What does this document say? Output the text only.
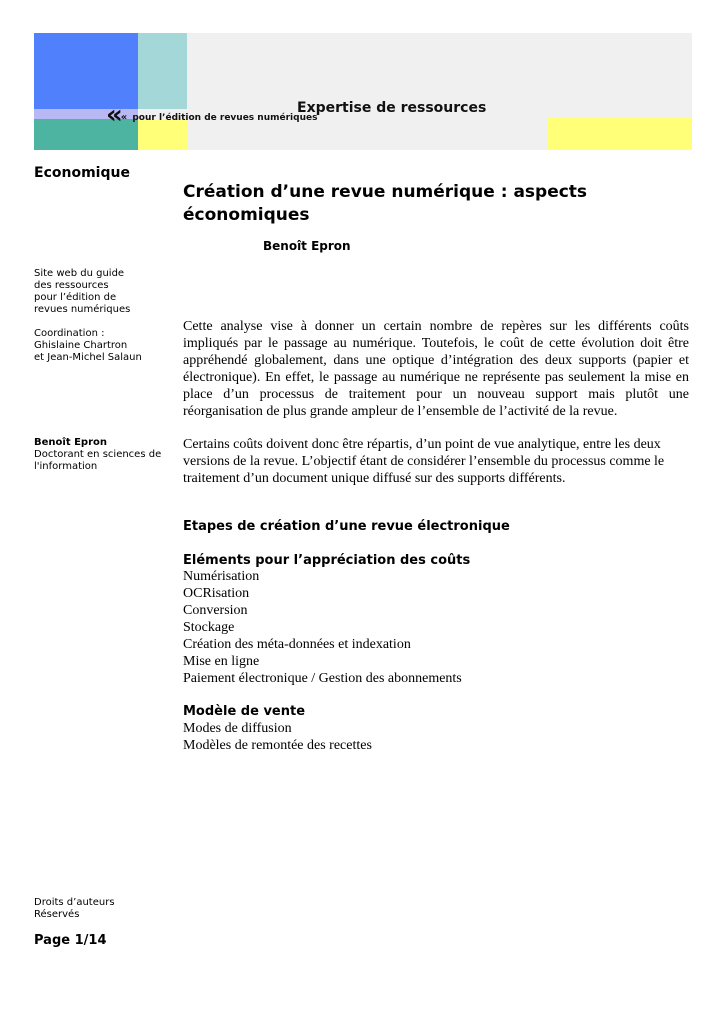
«	Expertise de ressources
« pour l’édition de revues numériques
Economique
Site web du guide
des ressources
pour l’édition de
revues numériques
Coordination :
Ghislaine Chartron
et Jean-Michel Salaun
Benoît Epron
Doctorant en sciences de
l'information
Droits d’auteurs
Réservés
Page 1/14
Création d’une revue numérique : aspects économiques
Benoît Epron

Cette analyse vise à donner un certain nombre de repères sur les différents coûts impliqués par le passage au numérique. Toutefois, le coût de cette évolution doit être appréhendé globalement, dans une optique d’intégration des deux supports (papier et électronique). En effet, le passage au numérique ne représente pas seulement la mise en place d’un processus de traitement pour un nouveau support mais plutôt une réorganisation de plus grande ampleur de l’ensemble de l’activité de la revue.

Certains coûts doivent donc être répartis, d’un point de vue analytique, entre les deux versions de la revue. L’objectif étant de considérer l’ensemble du processus comme le traitement d’un document unique diffusé sur des supports différents.

Etapes de création d’une revue électronique
Eléments pour l’appréciation des coûts
Numérisation
OCRisation
Conversion
Stockage
Création des méta-données et indexation
Mise en ligne
Paiement électronique / Gestion des abonnements
Modèle de vente
Modes de diffusion
Modèles de remontée des recettes
